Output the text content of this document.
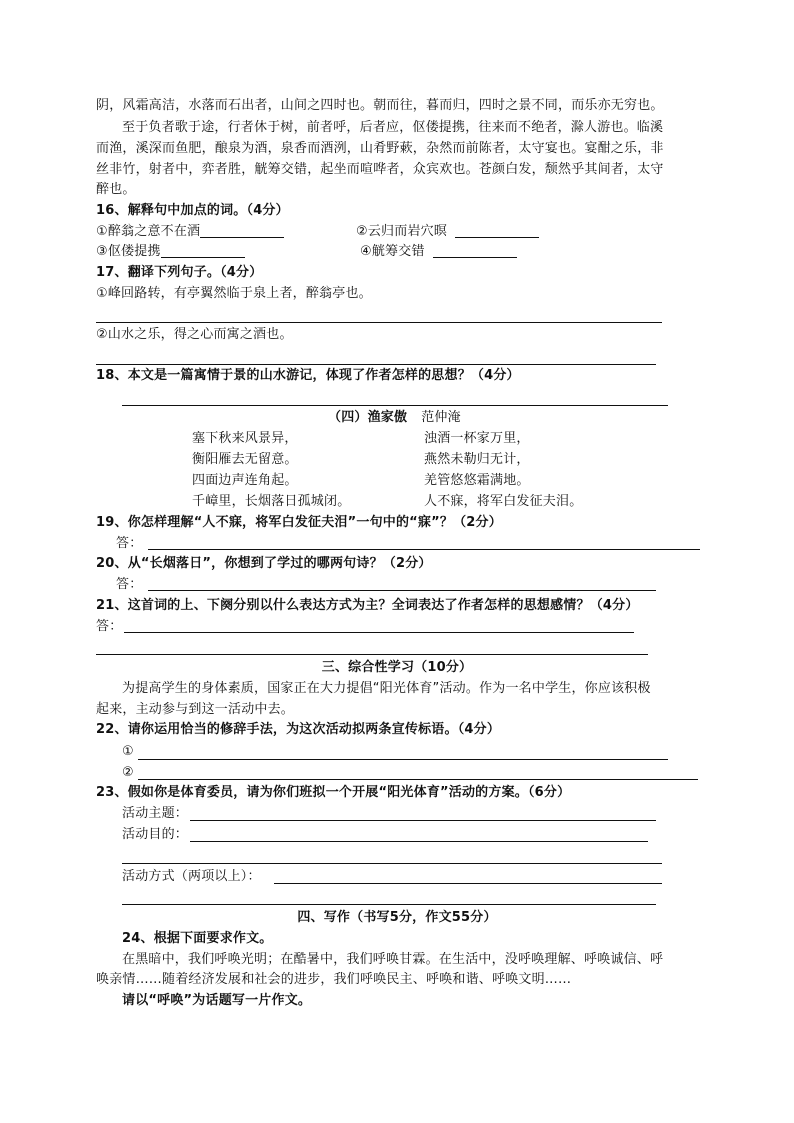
阴，风霜高洁，水落而石出者，山间之四时也。朝而往，暮而归，四时之景不同，而乐亦无穷也。
至于负者歌于途，行者休于树，前者呼，后者应，伛偻提携，往来而不绝者，滁人游也。临溪
而渔，溪深而鱼肥，酿泉为酒，泉香而酒洌，山肴野蔌，杂然而前陈者，太守宴也。宴酣之乐，非
丝非竹，射者中，弈者胜，觥筹交错，起坐而喧哗者，众宾欢也。苍颜白发，颓然乎其间者，太守
醉也。
16、解释句中加点的词。（4分）
①醉翁之意不在酒	②云归而岩穴暝
③伛偻提携	④觥筹交错
17、翻译下列句子。（4分）
①峰回路转，有亭翼然临于泉上者，醉翁亭也。
②山水之乐，得之心而寓之酒也。
18、本文是一篇寓情于景的山水游记，体现了作者怎样的思想？（4分）
（四）渔家傲 范仲淹
塞下秋来风景异，
衡阳雁去无留意。
四面边声连角起。
千嶂里，长烟落日孤城闭。
浊酒一杯家万里，
燕然未勒归无计，
羌管悠悠霜满地。
人不寐，将军白发征夫泪。
19、你怎样理解“人不寐，将军白发征夫泪”一句中的“寐”？（2分）
答：
20、从“长烟落日”，你想到了学过的哪两句诗？（2分）
答：
21、这首词的上、下阕分别以什么表达方式为主？全词表达了作者怎样的思想感情？（4分）
答：
三、综合性学习（10分）
为提高学生的身体素质，国家正在大力提倡“阳光体育”活动。作为一名中学生，你应该积极
起来，主动参与到这一活动中去。
22、请你运用恰当的修辞手法，为这次活动拟两条宣传标语。（4分）
①
②
23、假如你是体育委员，请为你们班拟一个开展“阳光体育”活动的方案。（6分）
活动主题：
活动目的：
活动方式（两项以上）：
四、写作（书写5分，作文55分）
24、根据下面要求作文。
在黑暗中，我们呼唤光明；在酷暑中，我们呼唤甘霖。在生活中，没呼唤理解、呼唤诚信、呼
唤亲情……随着经济发展和社会的进步，我们呼唤民主、呼唤和谐、呼唤文明……
请以“呼唤”为话题写一片作文。
